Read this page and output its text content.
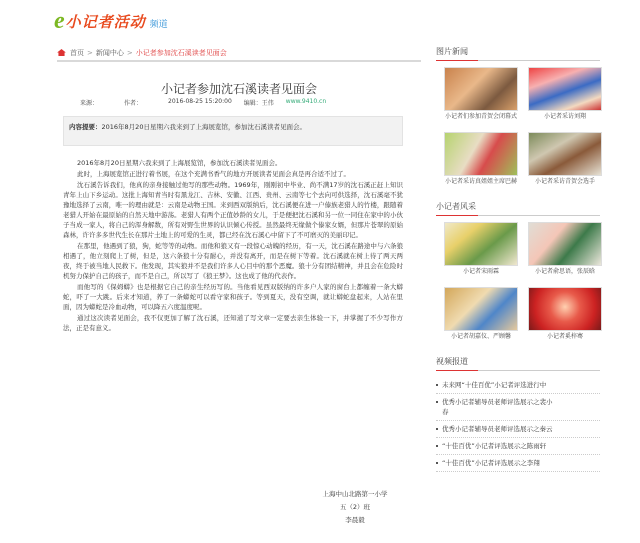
e 小记者活动 频道
首页 > 新闻中心 > 小记者参加沈石溪读者见面会
小记者参加沈石溪读者见面会
来源：	作者：	2016-08-25 15:20:00 编辑： 王伟 www.9410.cn
内容提要：2016年8月20日星期六我来到了上海展览馆，参加沈石溪读者见面会。

2016年8月20日星期六我来到了上海展览馆，参加沈石溪读者见面会。

此时，上海展览馆正进行着书展，在这个充满书香气的地方开展读者见面会真是再合适不过了。

沈石溪告诉我们，他真的亲身接触过他写的那些动物。1969年，刚刚初中毕业、尚不满17岁的沈石溪正赶上知识青年上山下乡运动。这批上海知青当时有黑龙江、吉林、安徽、江西、贵州、云南等七个去向可供选择，沈石溪毫不犹豫地选择了云南，唯一的理由就是：云南是动物王国。来到西双版纳后，沈石溪便在进一户傣族老猎人的竹楼，跟随着老猎人开始在最原始的自然天地中游荡。老猎人有两个正值妙龄的女儿，于是便把沈石溪和另一位一同住在家中的小伙子当成一家人，将自己的浑身解数，所有对野生世界的认识倾心传授。虽然最终无缘做个傣家女婿，但那片苍翠的原始森林，许许多多世代生长在那片土地上的可爱的生灵，都已经在沈石溪心中留下了不可磨灭的美丽印记。

在那里，他遇到了狼，狗，蛇等等的动物。而他和狼又有一段惊心动魄的经历，有一天，沈石溪在路途中与六条狼相遇了，他立刻爬上了树，但是，这六条狼十分有耐心，并没有离开，而是在树下等着。沈石溪就在树上待了两天两夜，终于被当地人民救下。他发现，其实狼并不是我们许多人心目中的那个恶魔。狼十分有团结精神，并且会在危险时机努力保护自己的孩子，而不是自己，所以写了《狼王梦》。这也成了他的代表作。

而他写的《保姆蟒》也是根据它自己的亲生经历写的。当他看见西双版纳的许多户人家的窗台上都缠着一条大蟒蛇，吓了一大跳。后来才知道，养了一条蟒蛇可以看守家和孩子。等到夏天，没有空调，就让蟒蛇盘起来，人站在里面，因为蟒蛇是冷血动物，可以降五六度温度呢。

通过这次读者见面会，我不仅更加了解了沈石溪，还知道了写文章一定要去亲生体验一下，并掌握了不少写作方法，正是有意义。

上海中山北路第一小学
五（2）班
李晨毅
图片新闻
小记者们参加青贺会闭幕式	小记者采访刘翔
小记者采访真姐姐主席巴赫	小记者采访青贺会选手
小记者风采
小记者宋雨霖	小记者俞思语，张辰晗
小记者胡嘉仪、严顾馨	小记者奚梓骞
视频报道
未来网“十佳百优”小记者评选进行中
优秀小记者辅导员老师评选展示之裴小
春
优秀小记者辅导员老师评选展示之秦云
“十佳百优”小记者评选展示之陈雨轩
“十佳百优”小记者评选展示之李翔
